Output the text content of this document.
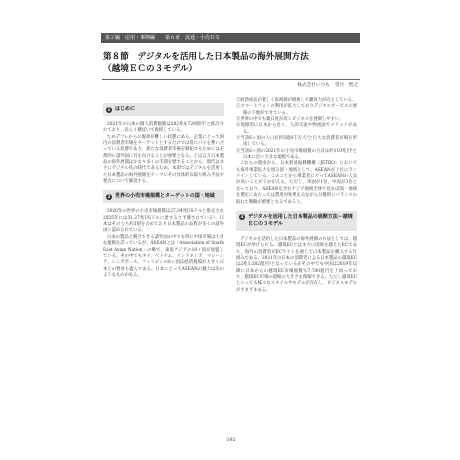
第２編　応用・事例編　　第６章　流通・小売ＤＸ
第８節　デジタルを活用した日本製品の海外展開方法
（越境ＥＣの３モデル）
株式会社いつも 望月　智之
1 はじめに

2021年の日本の個人消費総額は282兆4,729億円¹と推計されており、長らく横ばいで推移している。

ためデフレからの脱却が難しい状態にある。企業にとって国内の消費者市場をターゲットとするだけでは常にパイを奪い合っている状態であり、新たな消費者市場を開拓するためには必然的に諸外国に目を向けることが重要となる。とは言え日本製品の海外展開はかなり多くの手間を要することから、現代はまさにデジタル化の時代であるため、本項ではデジタルを活用した日本製品の海外展開をテーマにその具体的な取り組み手法や要点について解説する。

2 世界の小売市場規模とターゲットの国・地域

2020年の世界の小売市場規模は27.34兆USドルと推定され2025年には31.27兆USドルに達すると予測されている²。日本はそのうち約3割を占めており日本製品の品質が多くの諸外国に認められている。

日本の製品と競合できる諸外国の中でも特に中国市場は大きな規模を誇っているが、ASEANとは「Association of South East Asian Nation」の略で、東南アジアの10ヶ国が加盟している。その中でもタイ、ベトナム、インドネシア、マレーシア、シンガポール、フィリピンの6ヶ国は経済規模が大きく日本との貿易も盛んである。日本にとってASEANの魅力は次のようなものがある。

①経済成長が著しく富裕層が増加して購買力が向上している。

②スマートフォンの利用が拡大しておりデジタルサービスの展開の下地ができている。

③世界の中でも親日度が高くビジネスを展開しやすい。

④地理的に日本から近く、人的交流や物流面でメリットがある。

⑤当該6ヶ国の人口が約5億8千万人³と巨大な消費者市場を形成している。

⑥当該6ヶ国の2021年の小売市場規模の合計は約110兆円⁴と日本に近い大きな規模である。

これらの理由から、日本貿易振興機構（JETRO）においても海外事業拡大を図る国・地域として、ASEANが上位にランクインしている。このことから事業者にとってASEANの人気が高いことがうかがえる。ただし、米国が1位、中国が3位となっており、ASEANを含むアジア地域全体で見れば国・地域を選定にあたっては費用対効果をみながら分散的にバランスの取れた戦略が重要となるであろう。

3 デジタルを活用した日本製品の展開方法－越境ＥＣの３モデル

デジタルを活用した日本製品の海外展開の方法としては、越境ECが挙げられる。越境ECとはまさに国境を越えたECであり、海外の消費者がECサイトを通じて日本製品を購入する仕組みである。2021年の日本の消費者による日本製品の越境ECは2兆1,382億円⁵となっているがその中でも中国は2019年以降に日本からの越境EC市場規模で7,700億円を上回っており、越境EC市場の規模の大きさを理解できる。ただし越境ECといっても様々なスタイルやモデルが存在し、ビジネスモデルがさまざまある。

392
